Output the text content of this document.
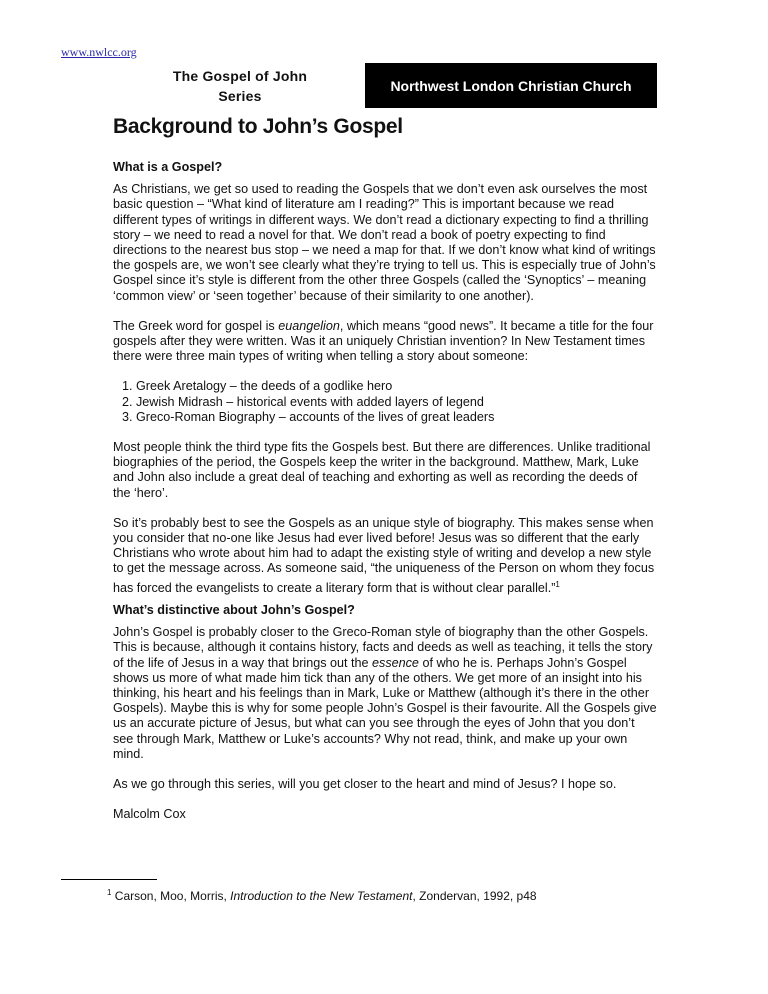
www.nwlcc.org
The Gospel of John
Series
Northwest London Christian Church
Background to John’s Gospel
What is a Gospel?

As Christians, we get so used to reading the Gospels that we don’t even ask ourselves the most basic question – “What kind of literature am I reading?” This is important because we read different types of writings in different ways. We don’t read a dictionary expecting to find a thrilling story – we need to read a novel for that. We don’t read a book of poetry expecting to find directions to the nearest bus stop – we need a map for that. If we don’t know what kind of writings the gospels are, we won’t see clearly what they’re trying to tell us. This is especially true of John’s Gospel since it’s style is different from the other three Gospels (called the ‘Synoptics’ – meaning ‘common view’ or ‘seen together’ because of their similarity to one another).

The Greek word for gospel is euangelion, which means “good news”. It became a title for the four gospels after they were written. Was it an uniquely Christian invention? In New Testament times there were three main types of writing when telling a story about someone:

1. Greek Aretalogy – the deeds of a godlike hero
2. Jewish Midrash – historical events with added layers of legend
3. Greco-Roman Biography – accounts of the lives of great leaders

Most people think the third type fits the Gospels best. But there are differences. Unlike traditional biographies of the period, the Gospels keep the writer in the background. Matthew, Mark, Luke and John also include a great deal of teaching and exhorting as well as recording the deeds of the ‘hero’.

So it’s probably best to see the Gospels as an unique style of biography. This makes sense when you consider that no-one like Jesus had ever lived before! Jesus was so different that the early Christians who wrote about him had to adapt the existing style of writing and develop a new style to get the message across. As someone said, “the uniqueness of the Person on whom they focus has forced the evangelists to create a literary form that is without clear parallel.”$^1$

What’s distinctive about John’s Gospel?

John’s Gospel is probably closer to the Greco-Roman style of biography than the other Gospels. This is because, although it contains history, facts and deeds as well as teaching, it tells the story of the life of Jesus in a way that brings out the essence of who he is. Perhaps John’s Gospel shows us more of what made him tick than any of the others. We get more of an insight into his thinking, his heart and his feelings than in Mark, Luke or Matthew (although it’s there in the other Gospels). Maybe this is why for some people John’s Gospel is their favourite. All the Gospels give us an accurate picture of Jesus, but what can you see through the eyes of John that you don’t see through Mark, Matthew or Luke’s accounts? Why not read, think, and make up your own mind.

As we go through this series, will you get closer to the heart and mind of Jesus? I hope so.

Malcolm Cox

$^1$ Carson, Moo, Morris, Introduction to the New Testament, Zondervan, 1992, p48
